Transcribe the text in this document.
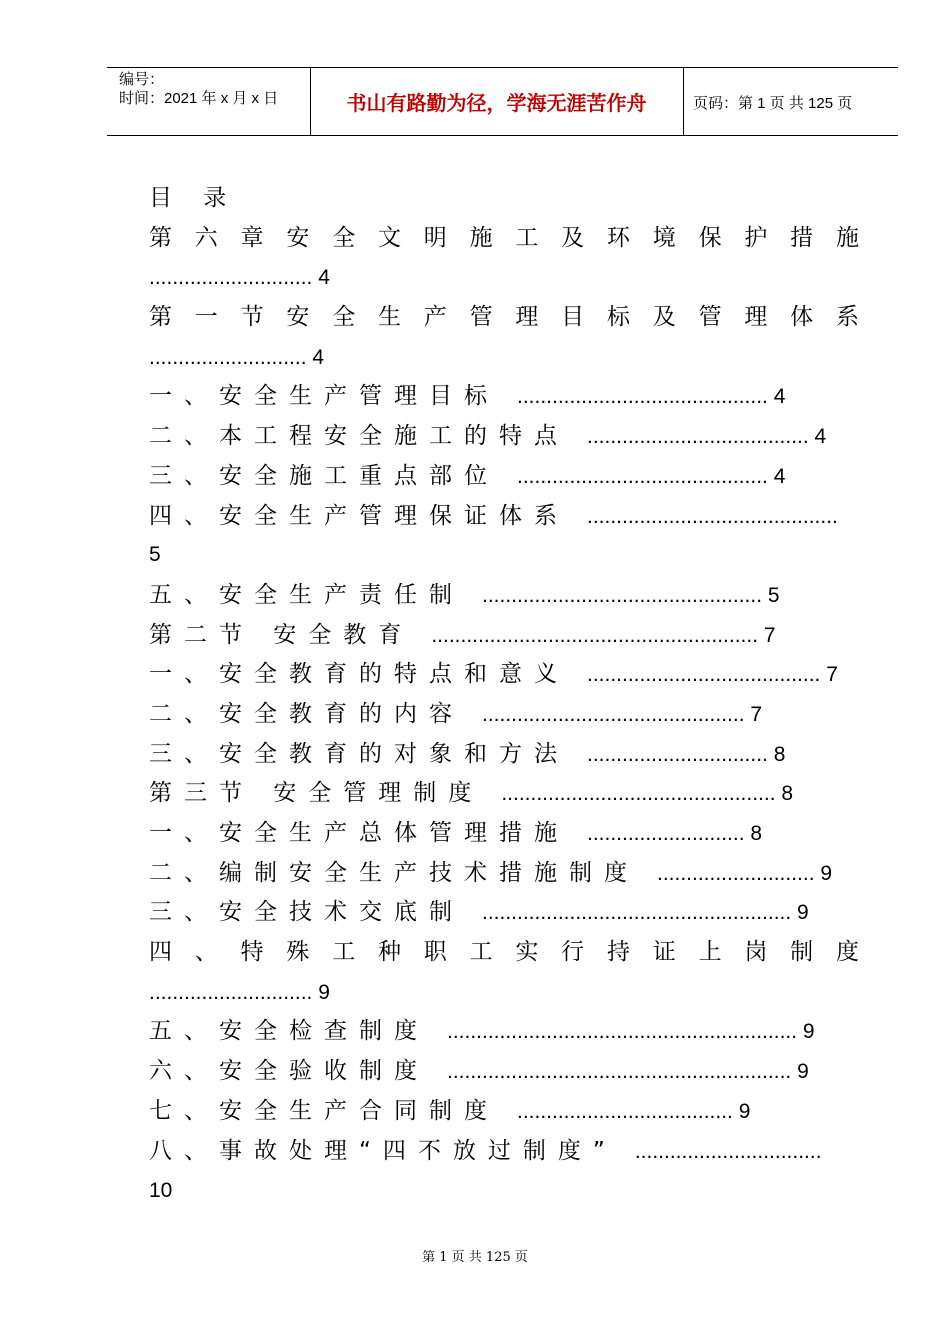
编号：
时间：2021 年 x 月 x 日	书山有路勤为径，学海无涯苦作舟	页码：第 1 页 共 125 页
目 录
第 六 章 安 全 文 明 施 工 及 环 境 保 护 措 施
............................ 4
第 一 节 安 全 生 产 管 理 目 标 及 管 理 体 系
........................... 4
一、安全生产管理目标 ........................................... 4
二、本工程安全施工的特点 ...................................... 4
三、安全施工重点部位 ........................................... 4
四、安全生产管理保证体系 ...........................................
5
五、安全生产责任制 ................................................ 5
第二节 安全教育 ........................................................ 7
一、安全教育的特点和意义 ........................................ 7
二、安全教育的内容 ............................................. 7
三、安全教育的对象和方法 ............................... 8
第三节 安全管理制度 ............................................... 8
一、安全生产总体管理措施 ........................... 8
二、编制安全生产技术措施制度 ........................... 9
三、安全技术交底制 ..................................................... 9
四 、 特 殊 工 种 职 工 实 行 持 证 上 岗 制 度
............................ 9
五、安全检查制度 ............................................................ 9
六、安全验收制度 ........................................................... 9
七、安全生产合同制度 ..................................... 9
八、事故处理“四不放过制度” ................................
10
第 1 页 共 125 页
